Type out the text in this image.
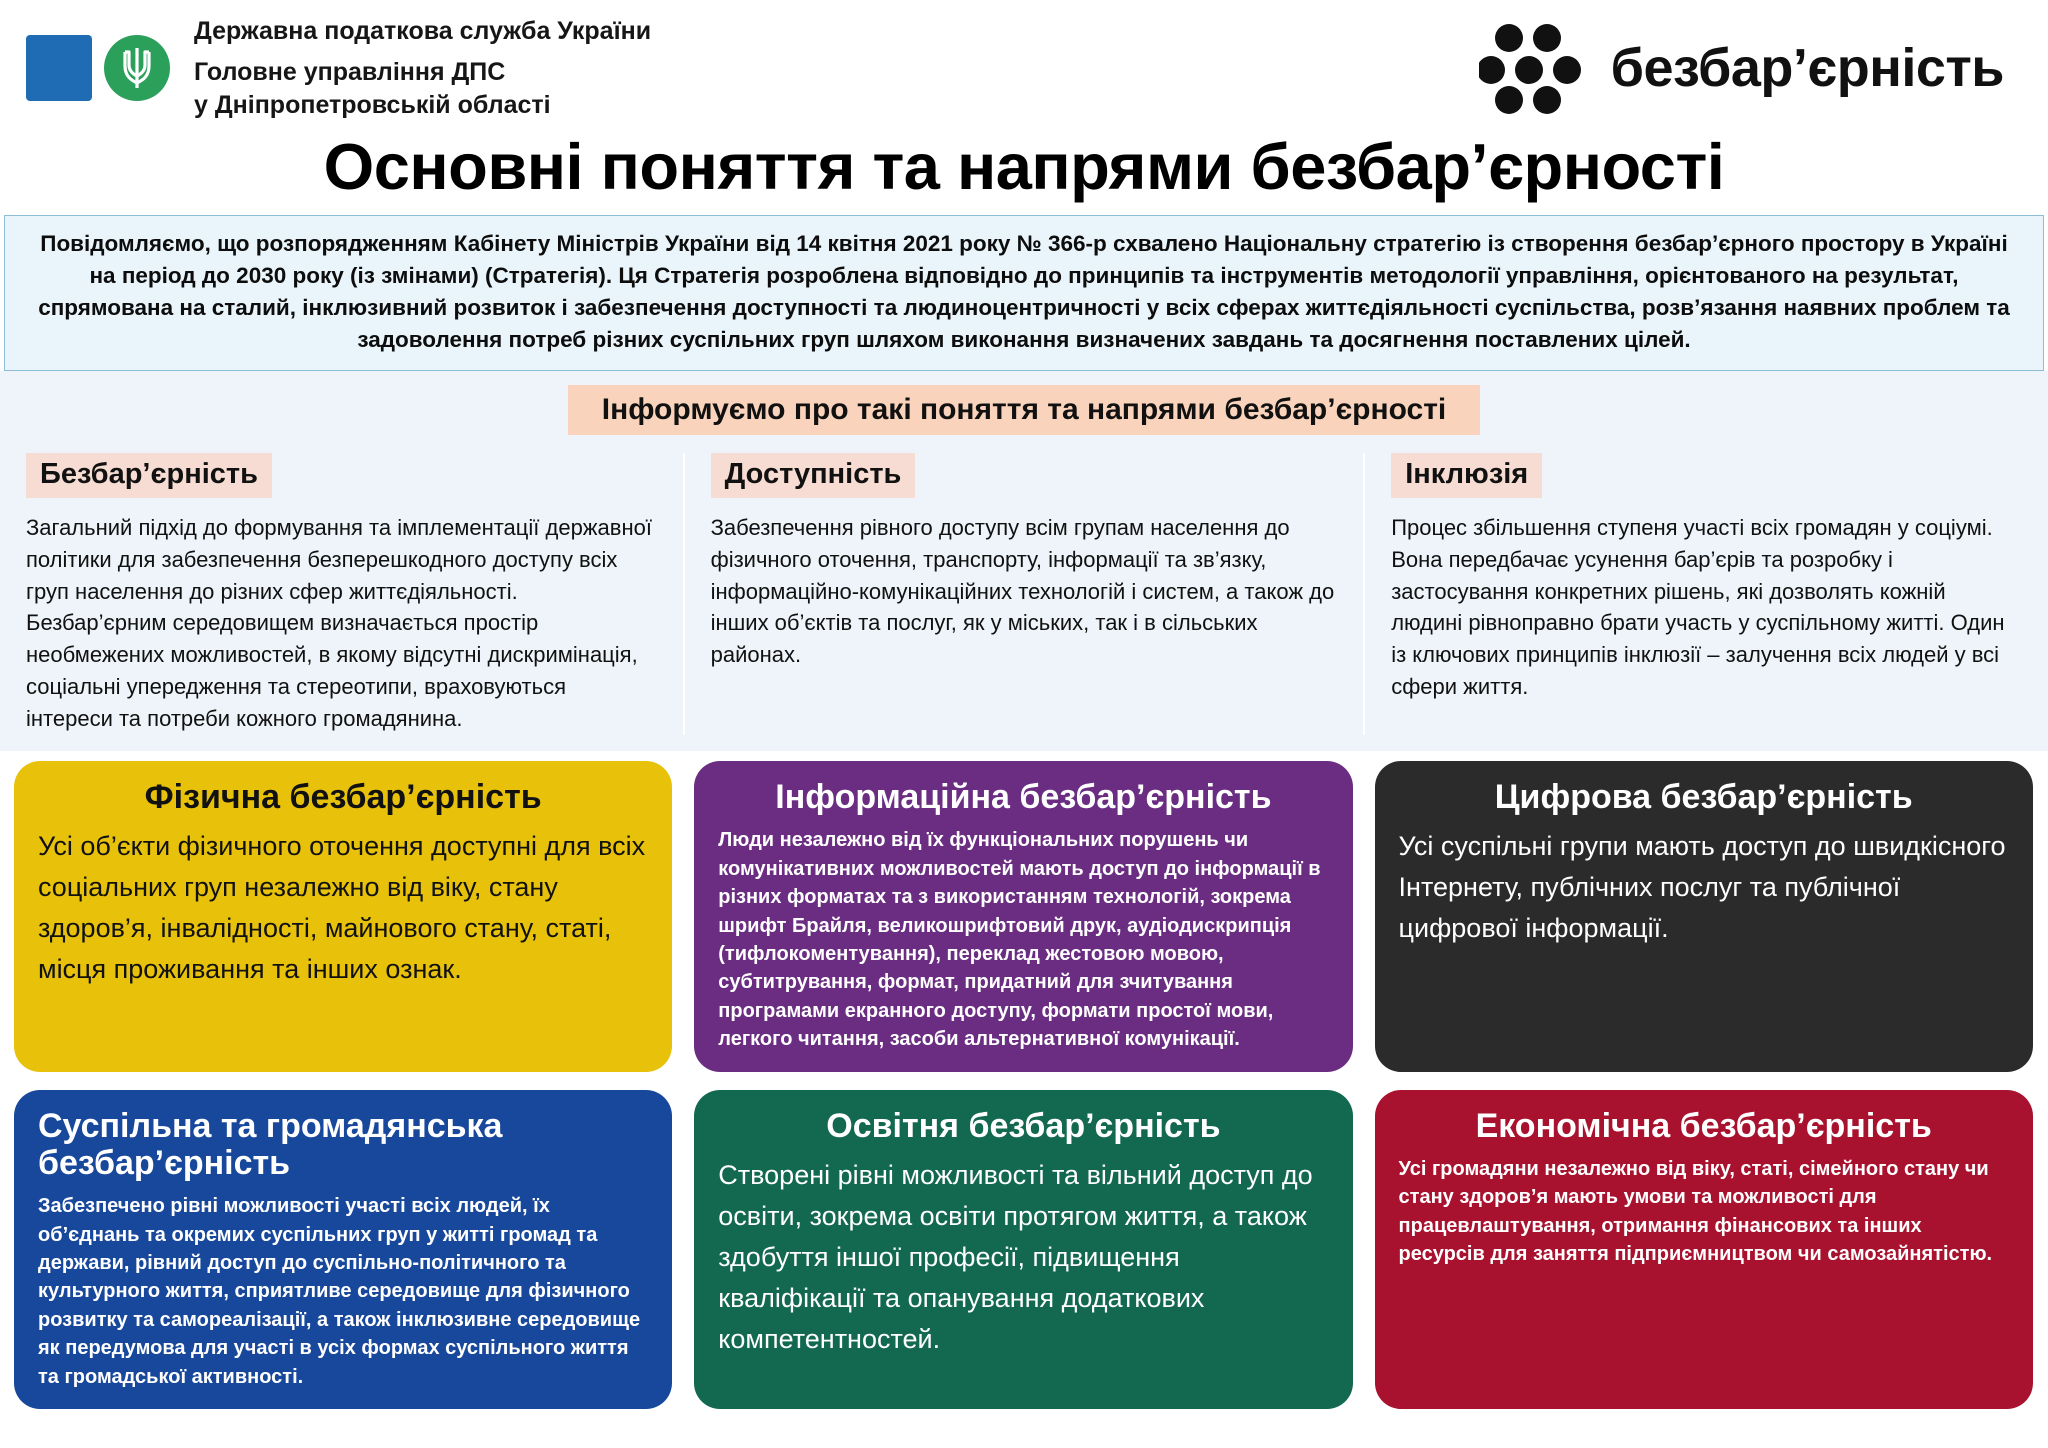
Державна податкова служба України
Головне управління ДПС
у Дніпропетровській області
безбар’єрність
Основні поняття та напрями безбар’єрності

Повідомляємо, що розпорядженням Кабінету Міністрів України від 14 квітня 2021 року № 366-р схвалено Національну стратегію із створення безбар’єрного простору в Україні на період до 2030 року (із змінами) (Стратегія). Ця Стратегія розроблена відповідно до принципів та інструментів методології управління, орієнтованого на результат, спрямована на сталий, інклюзивний розвиток і забезпечення доступності та людиноцентричності у всіх сферах життєдіяльності суспільства, розв’язання наявних проблем та задоволення потреб різних суспільних груп шляхом виконання визначених завдань та досягнення поставлених цілей.

Інформуємо про такі поняття та напрями безбар’єрності
Безбар’єрність
Загальний підхід до формування та імплементації державної політики для забезпечення безперешкодного доступу всіх груп населення до різних сфер життєдіяльності. Безбар’єрним середовищем визначається простір необмежених можливостей, в якому відсутні дискримінація, соціальні упередження та стереотипи, враховуються інтереси та потреби кожного громадянина.
Доступність
Забезпечення рівного доступу всім групам населення до фізичного оточення, транспорту, інформації та зв’язку, інформаційно-комунікаційних технологій і систем, а також до інших об’єктів та послуг, як у міських, так і в сільських районах.
Інклюзія
Процес збільшення ступеня участі всіх громадян у соціумі. Вона передбачає усунення бар’єрів та розробку і застосування конкретних рішень, які дозволять кожній людині рівноправно брати участь у суспільному житті. Один із ключових принципів інклюзії – залучення всіх людей у всі сфери життя.
Фізична безбар’єрність

Усі об’єкти фізичного оточення доступні для всіх соціальних груп незалежно від віку, стану здоров’я, інвалідності, майнового стану, статі, місця проживання та інших ознак.

Інформаційна безбар’єрність

Люди незалежно від їх функціональних порушень чи комунікативних можливостей мають доступ до інформації в різних форматах та з використанням технологій, зокрема шрифт Брайля, великошрифтовий друк, аудіодискрипція (тифлокоментування), переклад жестовою мовою, субтитрування, формат, придатний для зчитування програмами екранного доступу, формати простої мови, легкого читання, засоби альтернативної комунікації.

Цифрова безбар’єрність

Усі суспільні групи мають доступ до швидкісного Інтернету, публічних послуг та публічної цифрової інформації.

Суспільна та громадянська безбар’єрність

Забезпечено рівні можливості участі всіх людей, їх об’єднань та окремих суспільних груп у житті громад та держави, рівний доступ до суспільно-політичного та культурного життя, сприятливе середовище для фізичного розвитку та самореалізації, а також інклюзивне середовище як передумова для участі в усіх формах суспільного життя та громадської активності.

Освітня безбар’єрність

Створені рівні можливості та вільний доступ до освіти, зокрема освіти протягом життя, а також здобуття іншої професії, підвищення кваліфікації та опанування додаткових компетентностей.

Економічна безбар’єрність

Усі громадяни незалежно від віку, статі, сімейного стану чи стану здоров’я мають умови та можливості для працевлаштування, отримання фінансових та інших ресурсів для заняття підприємництвом чи самозайнятістю.
